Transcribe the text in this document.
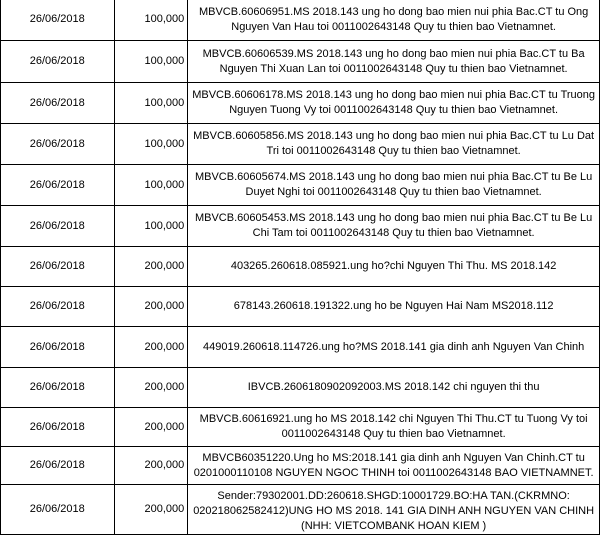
26/06/2018	100,000	MBVCB.60606951.MS 2018.143 ung ho dong bao mien nui phia Bac.CT tu Ong Nguyen Van Hau toi 0011002643148 Quy tu thien bao Vietnamnet.
26/06/2018	100,000	MBVCB.60606539.MS 2018.143 ung ho dong bao mien nui phia Bac.CT tu Ba Nguyen Thi Xuan Lan toi 0011002643148 Quy tu thien bao Vietnamnet.
26/06/2018	100,000	MBVCB.60606178.MS 2018.143 ung ho dong bao mien nui phia Bac.CT tu Truong Nguyen Tuong Vy toi 0011002643148 Quy tu thien bao Vietnamnet.
26/06/2018	100,000	MBVCB.60605856.MS 2018.143 ung ho dong bao mien nui phia Bac.CT tu Lu Dat Tri toi 0011002643148 Quy tu thien bao Vietnamnet.
26/06/2018	100,000	MBVCB.60605674.MS 2018.143 ung ho dong bao mien nui phia Bac.CT tu Be Lu Duyet Nghi toi 0011002643148 Quy tu thien bao Vietnamnet.
26/06/2018	100,000	MBVCB.60605453.MS 2018.143 ung ho dong bao mien nui phia Bac.CT tu Be Lu Chi Tam toi 0011002643148 Quy tu thien bao Vietnamnet.
26/06/2018	200,000	403265.260618.085921.ung ho?chi Nguyen Thi Thu. MS 2018.142
26/06/2018	200,000	678143.260618.191322.ung ho be Nguyen Hai Nam MS2018.112
26/06/2018	200,000	449019.260618.114726.ung ho?MS 2018.141 gia dinh anh Nguyen Van Chinh
26/06/2018	200,000	IBVCB.2606180902092003.MS 2018.142 chi nguyen thi thu
26/06/2018	200,000	MBVCB.60616921.ung ho MS 2018.142 chi Nguyen Thi Thu.CT tu Tuong Vy toi 0011002643148 Quy tu thien bao Vietnamnet.
26/06/2018	200,000	MBVCB60351220.Ung ho MS:2018.141 gia dinh anh Nguyen Van Chinh.CT tu 0201000110108 NGUYEN NGOC THINH toi 0011002643148 BAO VIETNAMNET.
26/06/2018	200,000	Sender:79302001.DD:260618.SHGD:10001729.BO:HA TAN.(CKRMNO: 020218062582412)UNG HO MS 2018. 141 GIA DINH ANH NGUYEN VAN CHINH (NHH: VIETCOMBANK HOAN KIEM )
